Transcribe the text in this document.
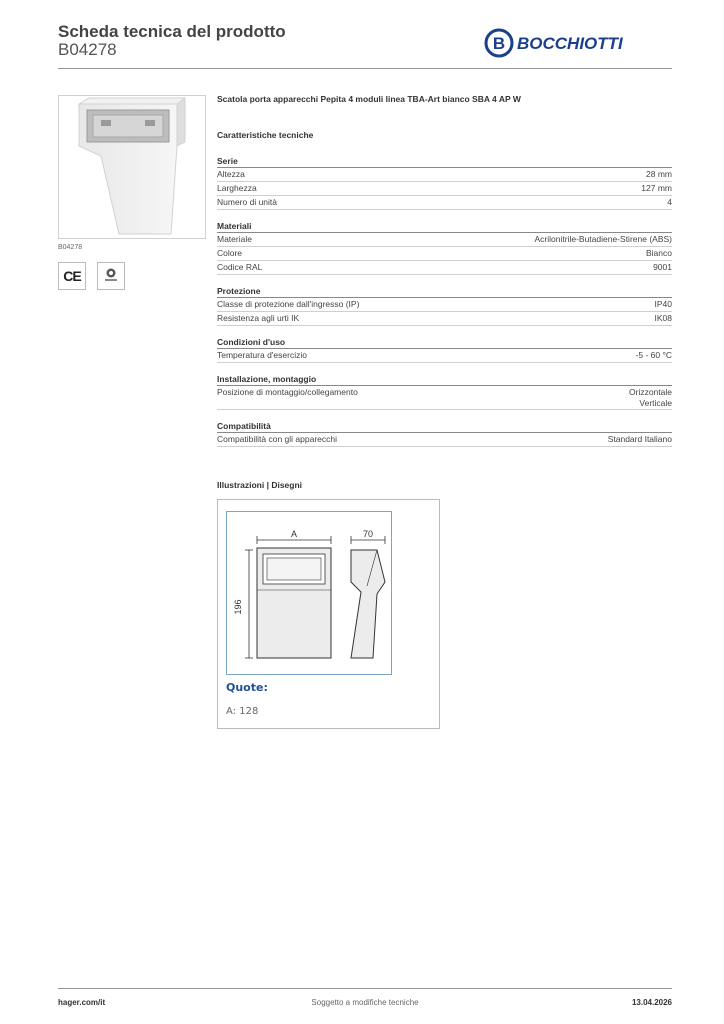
Scheda tecnica del prodotto
B04278	B BOCCHIOTTI
B04278
CE
Scatola porta apparecchi Pepita 4 moduli linea TBA-Art bianco SBA 4 AP W
Caratteristiche tecniche
Serie
Altezza	28 mm
Larghezza	127 mm
Numero di unità	4
Materiali
Materiale	Acrilonitrile-Butadiene-Stirene (ABS)
Colore	Bianco
Codice RAL	9001
Protezione
Classe di protezione dall'ingresso (IP)	IP40
Resistenza agli urti IK	IK08
Condizioni d'uso
Temperatura d'esercizio	-5 - 60 °C
Installazione, montaggio
Posizione di montaggio/collegamento	Orizzontale
Verticale
Compatibilità
Compatibilità con gli apparecchi	Standard Italiano
Illustrazioni | Disegni
A
196
70
Quote:
A: 128
hager.com/it	Soggetto a modifiche tecniche	13.04.2026
